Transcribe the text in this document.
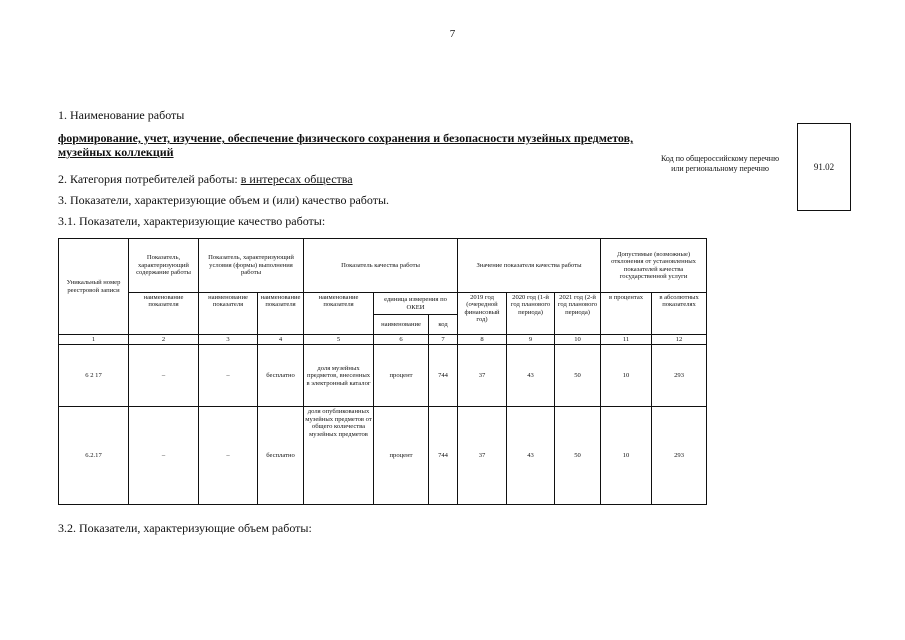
7
1. Наименование работы
формирование, учет, изучение, обеспечение физического сохранения и безопасности музейных предметов,
музейных коллекций	Код по общероссийскому перечню
или региональному перечню	91.02
2. Категория потребителей работы: в интересах общества
3. Показатели, характеризующие объем и (или) качество работы.
3.1. Показатели, характеризующие качество работы:
Уникальный номер реестровой записи	Показатель, характеризующий содержание работы	Показатель, характеризующий условия (формы) выполнения работы		Показатель качества работы			Значение показателя качества работы			Допустимые (возможные) отклонения от установленных показателей качества государственной услуги	
	наименование показателя	наименование показателя	наименование показателя	наименование показателя	единица измерения по ОКЕИ		2019 год (очередной финансовый год)	2020 год (1-й год планового периода)	2021 год (2-й год планового периода)	в процентах	в абсолютных показателях
					наименование	код					
1	2	3	4	5	6	7	8	9	10	11	12
6 2 17	–	–	бесплатно	доля музейных предметов, внесенных в электронный каталог	процент	744	37	43	50	10	293
6.2.17	–	–	бесплатно	доля опубликованных музейных предметов от общего количества музейных предметов	процент	744	37	43	50	10	293
3.2. Показатели, характеризующие объем работы:
